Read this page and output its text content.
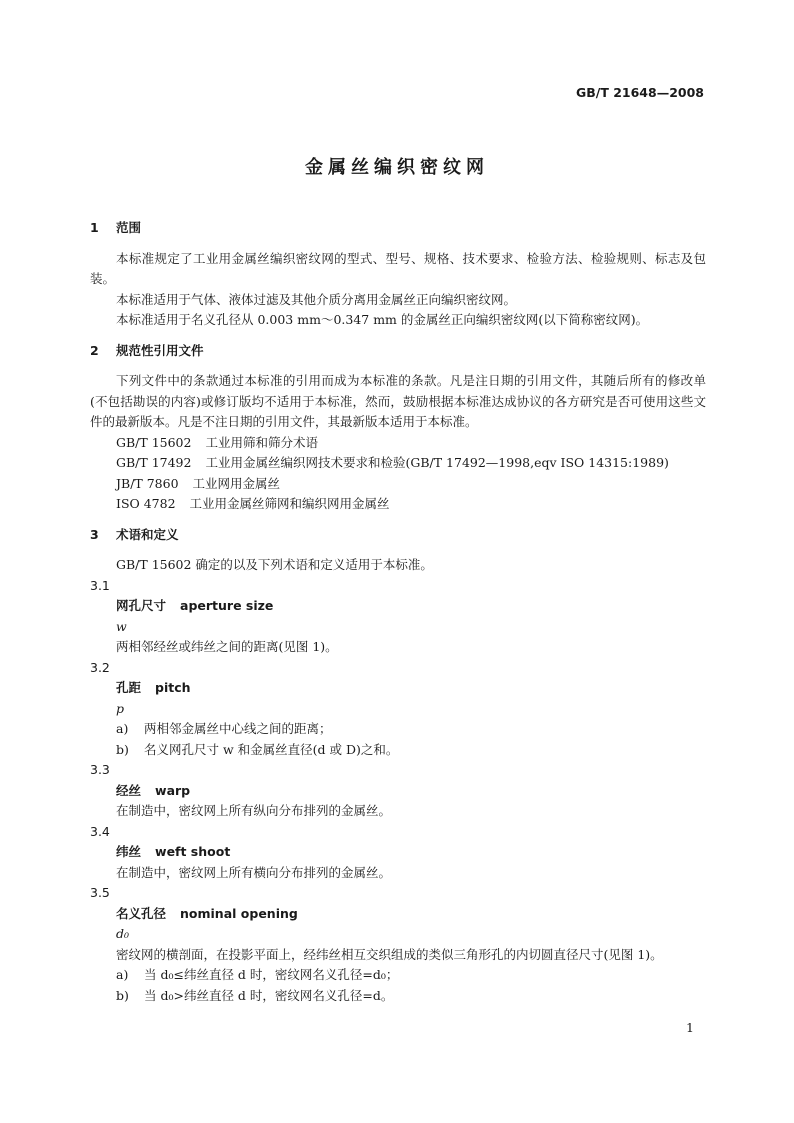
GB/T 21648—2008
金属丝编织密纹网
1 范围
本标准规定了工业用金属丝编织密纹网的型式、型号、规格、技术要求、检验方法、检验规则、标志及包装。
本标准适用于气体、液体过滤及其他介质分离用金属丝正向编织密纹网。
本标准适用于名义孔径从 0.003 mm～0.347 mm 的金属丝正向编织密纹网(以下简称密纹网)。
2 规范性引用文件
下列文件中的条款通过本标准的引用而成为本标准的条款。凡是注日期的引用文件，其随后所有的修改单(不包括勘误的内容)或修订版均不适用于本标准，然而，鼓励根据本标准达成协议的各方研究是否可使用这些文件的最新版本。凡是不注日期的引用文件，其最新版本适用于本标准。
GB/T 15602 工业用筛和筛分术语
GB/T 17492 工业用金属丝编织网技术要求和检验(GB/T 17492—1998,eqv ISO 14315:1989)
JB/T 7860 工业网用金属丝
ISO 4782 工业用金属丝筛网和编织网用金属丝
3 术语和定义
GB/T 15602 确定的以及下列术语和定义适用于本标准。
3.1
网孔尺寸 aperture size
w
两相邻经丝或纬丝之间的距离(见图 1)。
3.2
孔距 pitch
p
a) 两相邻金属丝中心线之间的距离；
b) 名义网孔尺寸 w 和金属丝直径(d 或 D)之和。
3.3
经丝 warp
在制造中，密纹网上所有纵向分布排列的金属丝。
3.4
纬丝 weft shoot
在制造中，密纹网上所有横向分布排列的金属丝。
3.5
名义孔径 nominal opening
d₀
密纹网的横剖面，在投影平面上，经纬丝相互交织组成的类似三角形孔的内切圆直径尺寸(见图 1)。
a) 当 d₀≤纬丝直径 d 时，密纹网名义孔径=d₀；
b) 当 d₀>纬丝直径 d 时，密纹网名义孔径=d。
1
